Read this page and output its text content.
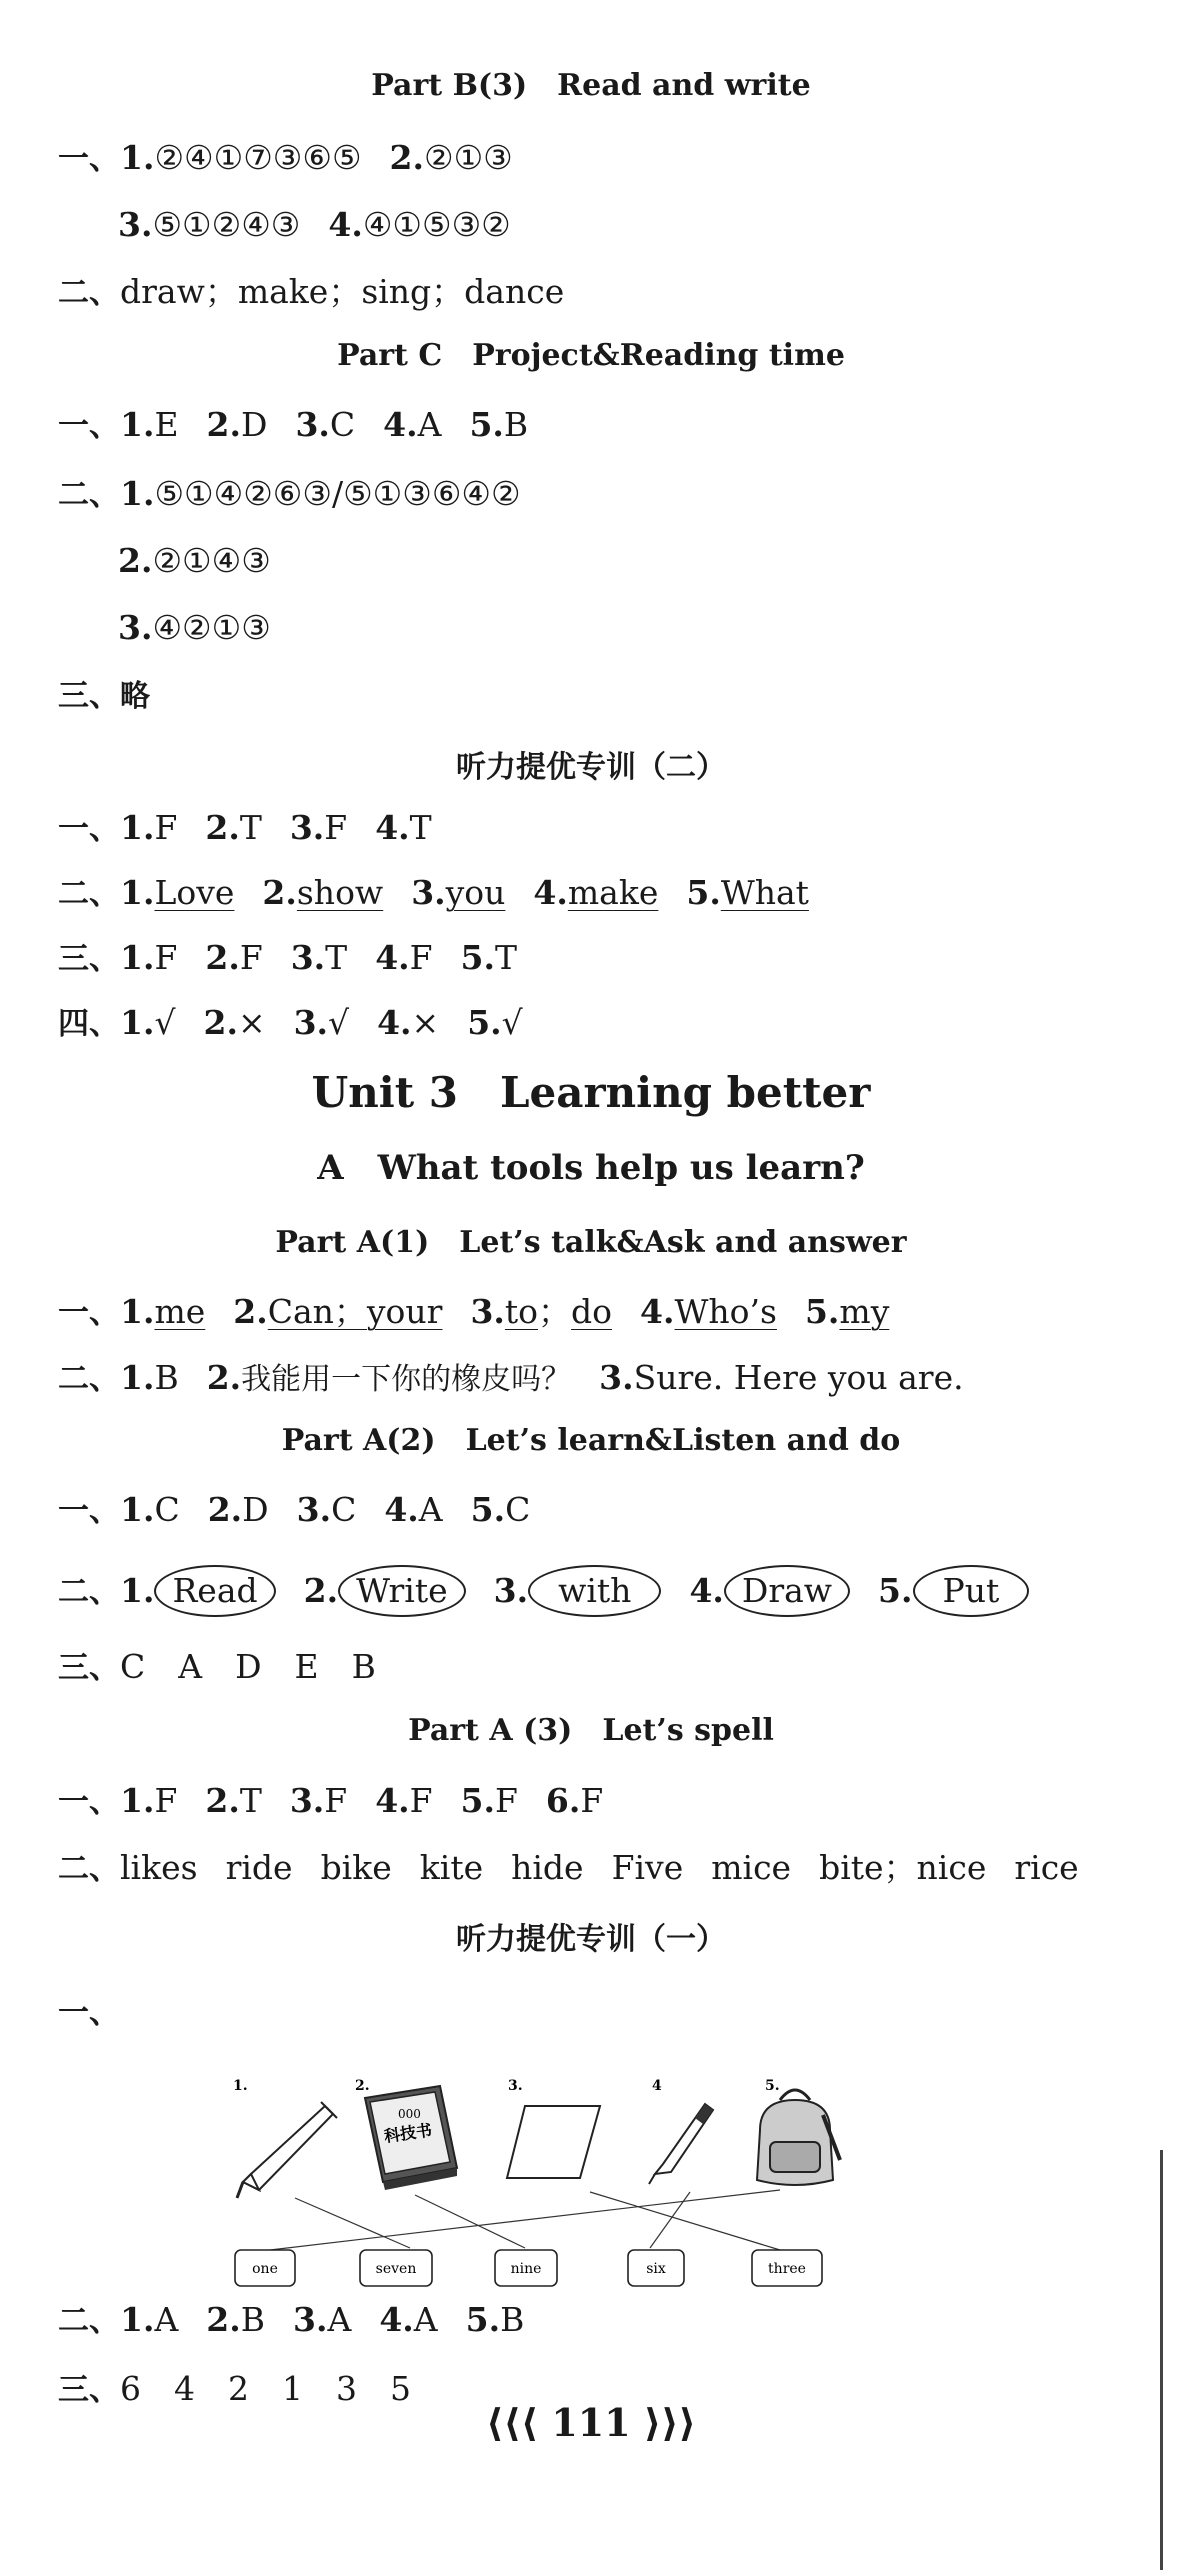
Part B(3) Read and write
一、1.②④①⑦③⑥⑤ 2.②①③
3.⑤①②④③ 4.④①⑤③②
二、draw；make；sing；dance
Part C Project&Reading time
一、1.E 2.D 3.C 4.A 5.B
二、1.⑤①④②⑥③/⑤①③⑥④②
2.②①④③
3.④②①③
三、略
听力提优专训（二）
一、1.F 2.T 3.F 4.T
二、1.Love 2.show 3.you 4.make 5.What
三、1.F 2.F 3.T 4.F 5.T
四、1.√ 2.× 3.√ 4.× 5.√
Unit 3 Learning better
A What tools help us learn?
Part A(1) Let’s talk&Ask and answer
一、1.me 2.Can；your 3.to；do 4.Who’s 5.my
二、1.B 2.我能用一下你的橡皮吗？ 3.Sure. Here you are.
Part A(2) Let’s learn&Listen and do
一、1.C 2.D 3.C 4.A 5.C
二、1. Read 2. Write 3. with 4. Draw 5. Put
三、C A D E B
Part A (3) Let’s spell
一、1.F 2.T 3.F 4.F 5.F 6.F
二、likes ride bike kite hide Five mice bite；nice rice
听力提优专训（一）
一、
1.	2.	3.	4	5.
000
科技书
one	seven	nine	six	three
二、1.A 2.B 3.A 4.A 5.B
三、6 4 2 1 3 5
⟨⟨⟨ 111 ⟩⟩⟩
